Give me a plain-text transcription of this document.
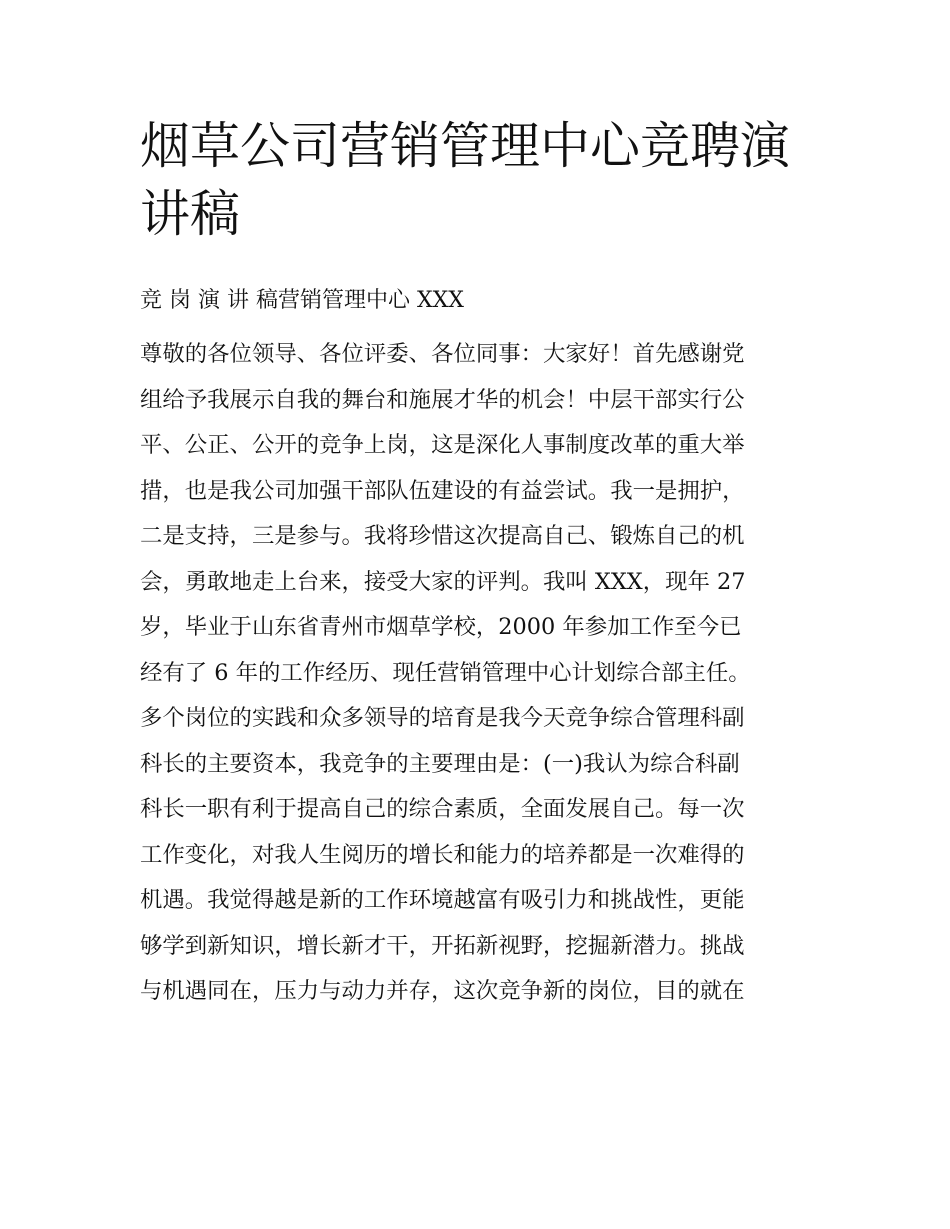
烟草公司营销管理中心竞聘演讲稿

竞 岗 演 讲 稿营销管理中心 XXX

尊敬的各位领导、各位评委、各位同事：大家好！首先感谢党
组给予我展示自我的舞台和施展才华的机会！中层干部实行公
平、公正、公开的竞争上岗，这是深化人事制度改革的重大举
措，也是我公司加强干部队伍建设的有益尝试。我一是拥护，
二是支持，三是参与。我将珍惜这次提高自己、锻炼自己的机
会，勇敢地走上台来，接受大家的评判。我叫 XXX，现年 27
岁，毕业于山东省青州市烟草学校，2000 年参加工作至今已
经有了 6 年的工作经历、现任营销管理中心计划综合部主任。
多个岗位的实践和众多领导的培育是我今天竞争综合管理科副
科长的主要资本，我竞争的主要理由是：(一)我认为综合科副
科长一职有利于提高自己的综合素质，全面发展自己。每一次
工作变化，对我人生阅历的增长和能力的培养都是一次难得的
机遇。我觉得越是新的工作环境越富有吸引力和挑战性，更能
够学到新知识，增长新才干，开拓新视野，挖掘新潜力。挑战
与机遇同在，压力与动力并存，这次竞争新的岗位，目的就在
